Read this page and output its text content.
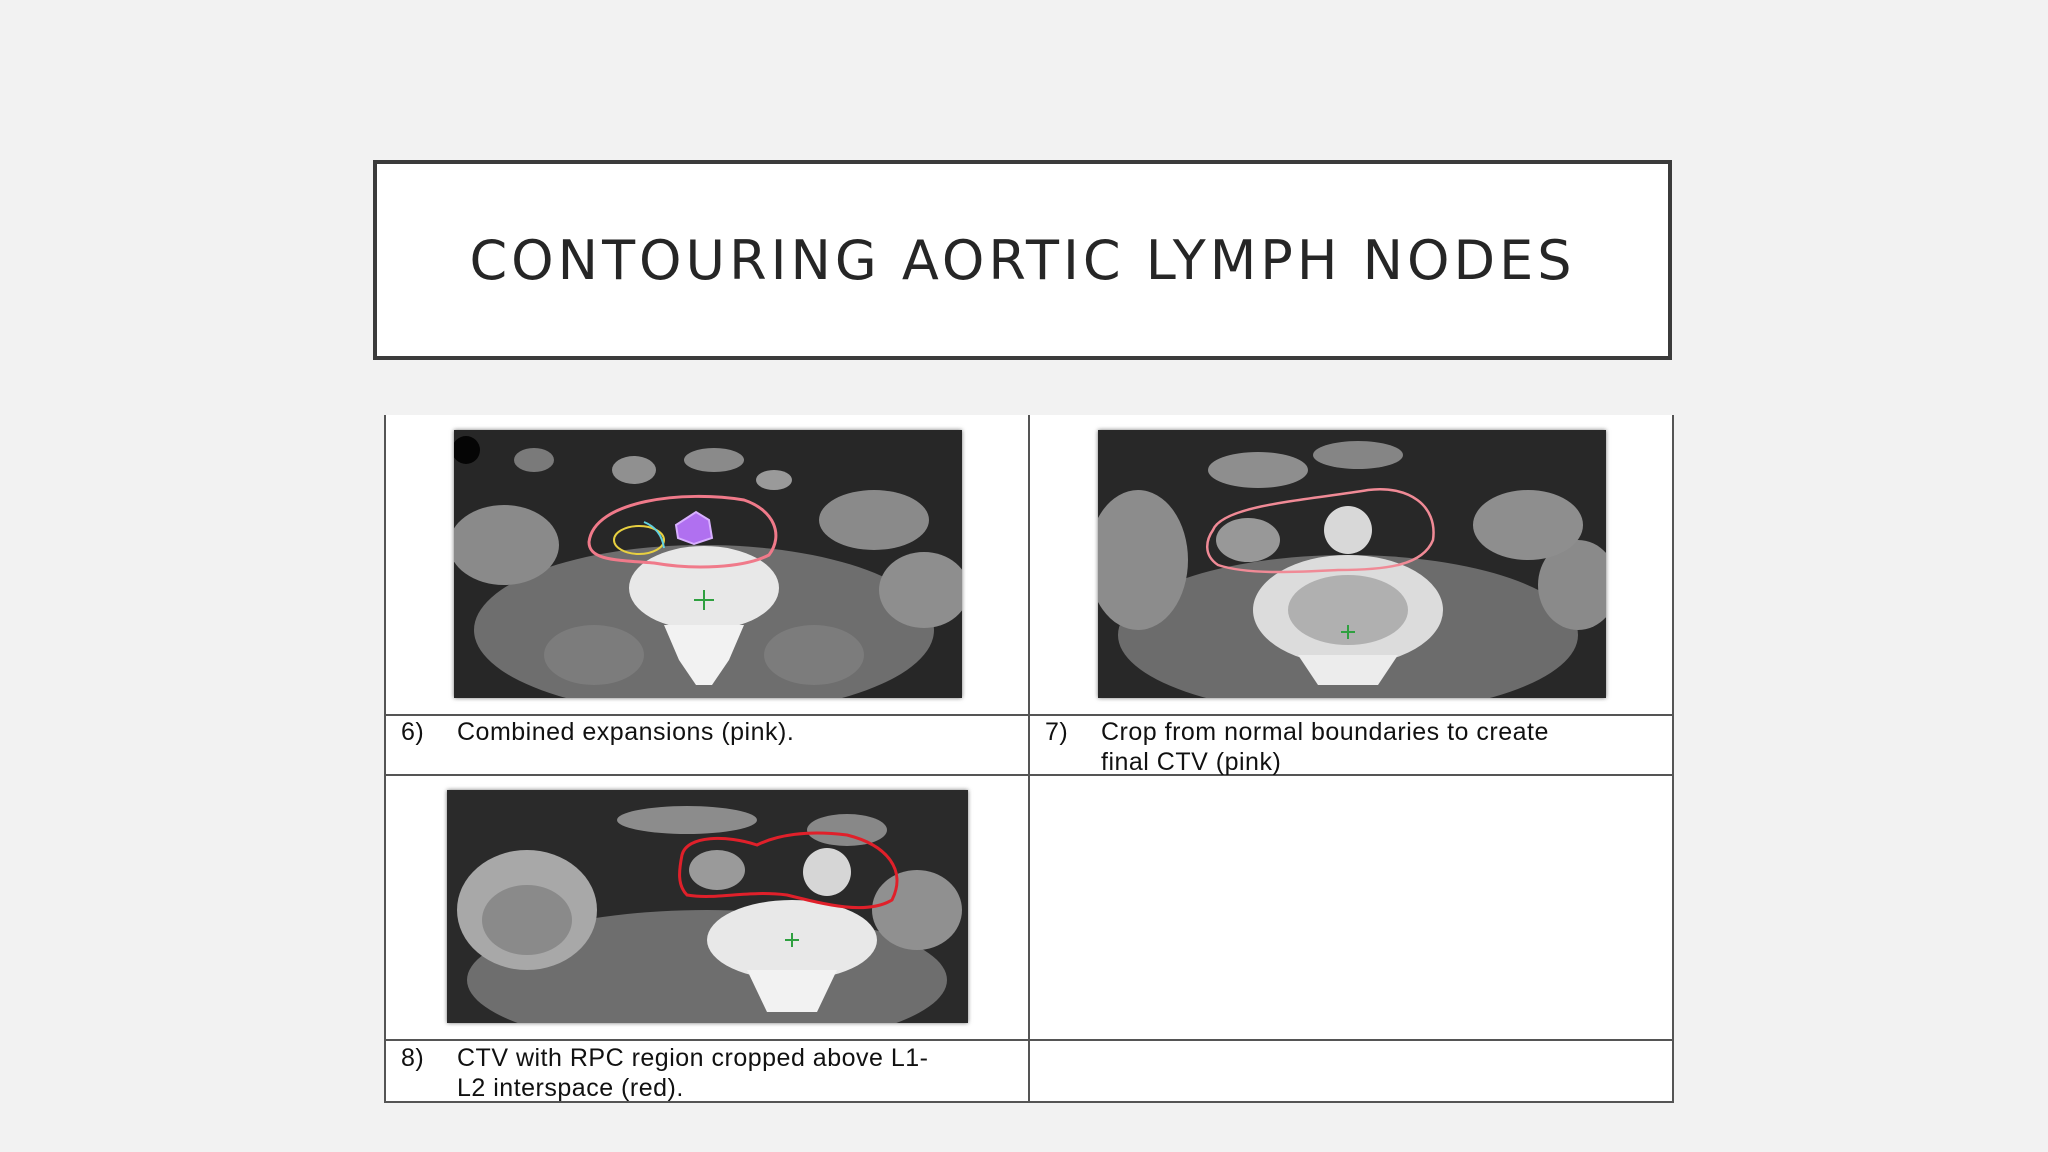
CONTOURING AORTIC LYMPH NODES
6) Combined expansions (pink).	7) Crop from normal boundaries to create
final CTV (pink)
8) CTV with RPC region cropped above L1-
L2 interspace (red).
